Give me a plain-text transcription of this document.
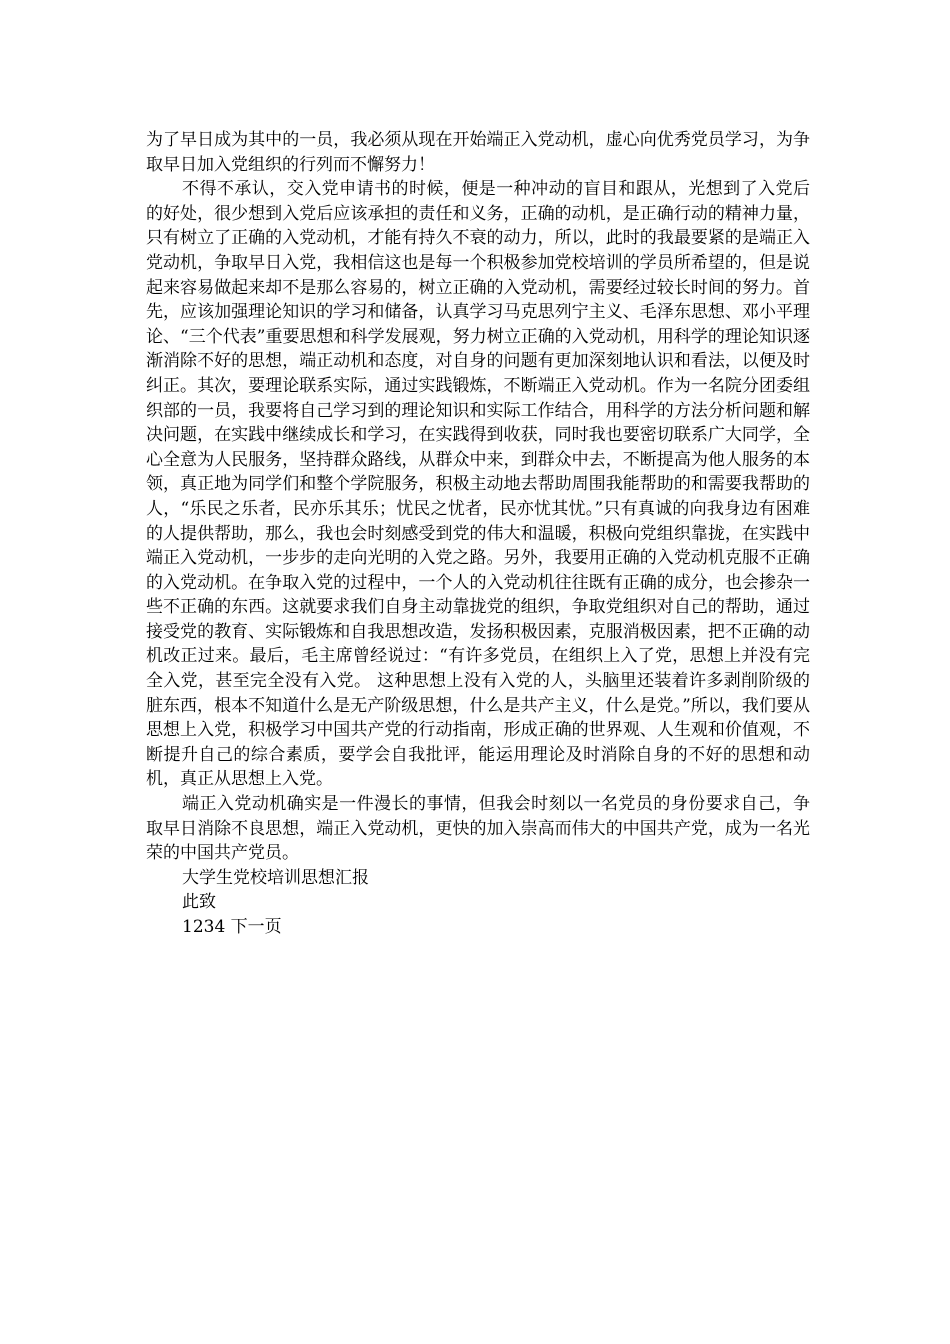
为了早日成为其中的一员，我必须从现在开始端正入党动机，虚心向优秀党员学习，为争取早日加入党组织的行列而不懈努力！

不得不承认，交入党申请书的时候，便是一种冲动的盲目和跟从，光想到了入党后的好处，很少想到入党后应该承担的责任和义务，正确的动机，是正确行动的精神力量，只有树立了正确的入党动机，才能有持久不衰的动力，所以，此时的我最要紧的是端正入党动机，争取早日入党，我相信这也是每一个积极参加党校培训的学员所希望的，但是说起来容易做起来却不是那么容易的，树立正确的入党动机，需要经过较长时间的努力。首先，应该加强理论知识的学习和储备，认真学习马克思列宁主义、毛泽东思想、邓小平理论、“三个代表”重要思想和科学发展观，努力树立正确的入党动机，用科学的理论知识逐渐消除不好的思想，端正动机和态度，对自身的问题有更加深刻地认识和看法，以便及时纠正。其次，要理论联系实际，通过实践锻炼，不断端正入党动机。作为一名院分团委组织部的一员，我要将自己学习到的理论知识和实际工作结合，用科学的方法分析问题和解决问题，在实践中继续成长和学习，在实践得到收获，同时我也要密切联系广大同学，全心全意为人民服务，坚持群众路线，从群众中来，到群众中去，不断提高为他人服务的本领，真正地为同学们和整个学院服务，积极主动地去帮助周围我能帮助的和需要我帮助的人，“乐民之乐者，民亦乐其乐；忧民之忧者，民亦忧其忧。”只有真诚的向我身边有困难的人提供帮助，那么，我也会时刻感受到党的伟大和温暖，积极向党组织靠拢，在实践中端正入党动机，一步步的走向光明的入党之路。另外，我要用正确的入党动机克服不正确的入党动机。在争取入党的过程中，一个人的入党动机往往既有正确的成分，也会掺杂一些不正确的东西。这就要求我们自身主动靠拢党的组织，争取党组织对自己的帮助，通过接受党的教育、实际锻炼和自我思想改造，发扬积极因素，克服消极因素，把不正确的动机改正过来。最后，毛主席曾经说过：“有许多党员，在组织上入了党，思想上并没有完全入党，甚至完全没有入党。 这种思想上没有入党的人，头脑里还装着许多剥削阶级的脏东西，根本不知道什么是无产阶级思想，什么是共产主义，什么是党。”所以，我们要从思想上入党，积极学习中国共产党的行动指南，形成正确的世界观、人生观和价值观，不断提升自己的综合素质，要学会自我批评，能运用理论及时消除自身的不好的思想和动机，真正从思想上入党。

端正入党动机确实是一件漫长的事情，但我会时刻以一名党员的身份要求自己，争取早日消除不良思想，端正入党动机，更快的加入崇高而伟大的中国共产党，成为一名光荣的中国共产党员。

大学生党校培训思想汇报

此致

1234 下一页
